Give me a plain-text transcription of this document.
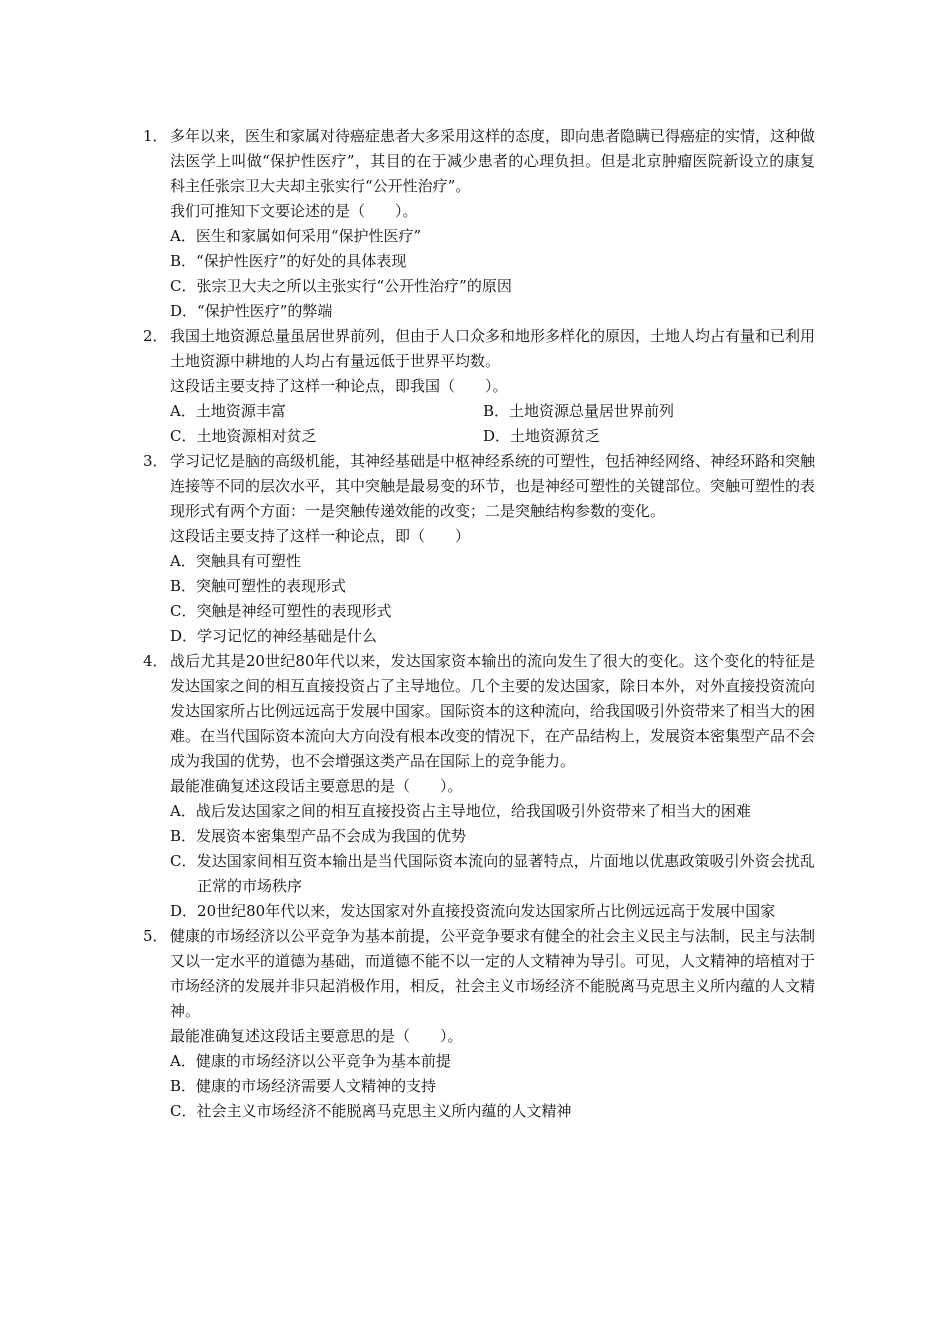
1． 多年以来，医生和家属对待癌症患者大多采用这样的态度，即向患者隐瞒已得癌症的实情，这种做法医学上叫做“保护性医疗”，其目的在于减少患者的心理负担。但是北京肿瘤医院新设立的康复科主任张宗卫大夫却主张实行“公开性治疗”。
我们可推知下文要论述的是（　　）。
A．医生和家属如何采用“保护性医疗”
B．“保护性医疗”的好处的具体表现
C．张宗卫大夫之所以主张实行“公开性治疗”的原因
D．“保护性医疗”的弊端
2． 我国土地资源总量虽居世界前列，但由于人口众多和地形多样化的原因，土地人均占有量和已利用土地资源中耕地的人均占有量远低于世界平均数。
这段话主要支持了这样一种论点，即我国（　　）。
A．土地资源丰富	B．土地资源总量居世界前列
C．土地资源相对贫乏	D．土地资源贫乏
3． 学习记忆是脑的高级机能，其神经基础是中枢神经系统的可塑性，包括神经网络、神经环路和突触连接等不同的层次水平，其中突触是最易变的环节，也是神经可塑性的关键部位。突触可塑性的表现形式有两个方面：一是突触传递效能的改变；二是突触结构参数的变化。
这段话主要支持了这样一种论点，即（　　）
A．突触具有可塑性
B．突触可塑性的表现形式
C．突触是神经可塑性的表现形式
D．学习记忆的神经基础是什么
4． 战后尤其是20世纪80年代以来，发达国家资本输出的流向发生了很大的变化。这个变化的特征是发达国家之间的相互直接投资占了主导地位。几个主要的发达国家，除日本外，对外直接投资流向发达国家所占比例远远高于发展中国家。国际资本的这种流向，给我国吸引外资带来了相当大的困难。在当代国际资本流向大方向没有根本改变的情况下，在产品结构上，发展资本密集型产品不会成为我国的优势，也不会增强这类产品在国际上的竞争能力。
最能准确复述这段话主要意思的是（　　）。
A．战后发达国家之间的相互直接投资占主导地位，给我国吸引外资带来了相当大的困难
B．发展资本密集型产品不会成为我国的优势
C．发达国家间相互资本输出是当代国际资本流向的显著特点，片面地以优惠政策吸引外资会扰乱正常的市场秩序
D．20世纪80年代以来，发达国家对外直接投资流向发达国家所占比例远远高于发展中国家
5． 健康的市场经济以公平竞争为基本前提，公平竞争要求有健全的社会主义民主与法制，民主与法制又以一定水平的道德为基础，而道德不能不以一定的人文精神为导引。可见，人文精神的培植对于市场经济的发展并非只起消极作用，相反，社会主义市场经济不能脱离马克思主义所内蕴的人文精神。
最能准确复述这段话主要意思的是（　　）。
A．健康的市场经济以公平竞争为基本前提
B．健康的市场经济需要人文精神的支持
C．社会主义市场经济不能脱离马克思主义所内蕴的人文精神
